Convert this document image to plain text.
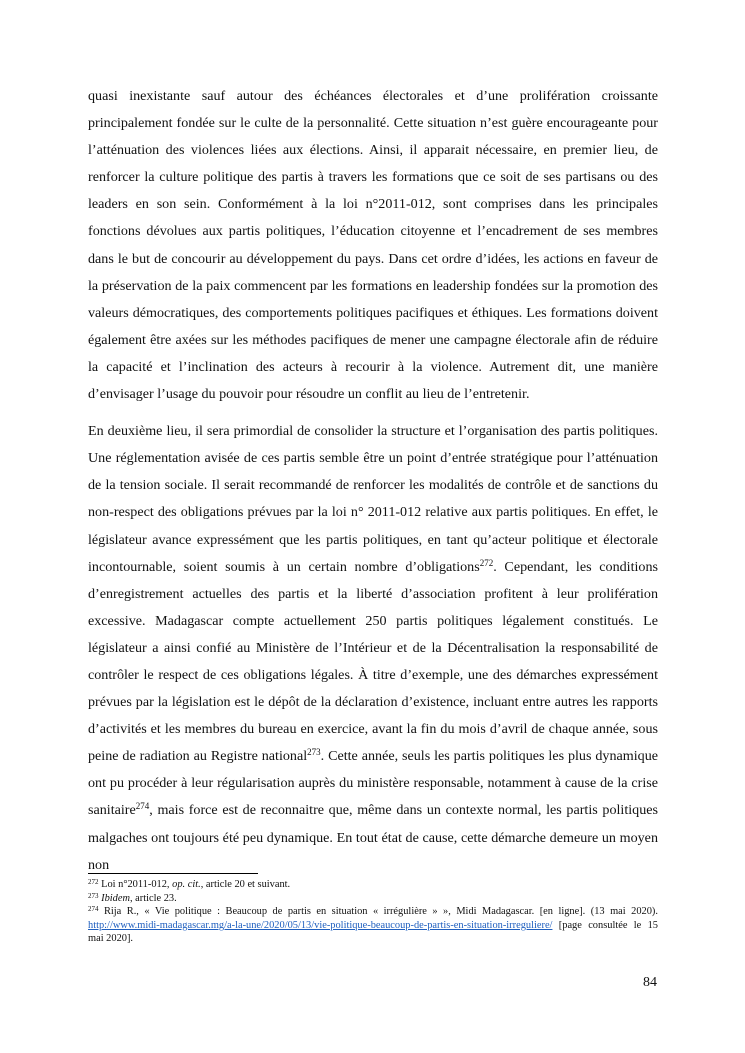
quasi inexistante sauf autour des échéances électorales et d’une prolifération croissante principalement fondée sur le culte de la personnalité. Cette situation n’est guère encourageante pour l’atténuation des violences liées aux élections. Ainsi, il apparait nécessaire, en premier lieu, de renforcer la culture politique des partis à travers les formations que ce soit de ses partisans ou des leaders en son sein. Conformément à la loi n°2011-012, sont comprises dans les principales fonctions dévolues aux partis politiques, l’éducation citoyenne et l’encadrement de ses membres dans le but de concourir au développement du pays. Dans cet ordre d’idées, les actions en faveur de la préservation de la paix commencent par les formations en leadership fondées sur la promotion des valeurs démocratiques, des comportements politiques pacifiques et éthiques. Les formations doivent également être axées sur les méthodes pacifiques de mener une campagne électorale afin de réduire la capacité et l’inclination des acteurs à recourir à la violence. Autrement dit, une manière d’envisager l’usage du pouvoir pour résoudre un conflit au lieu de l’entretenir.

En deuxième lieu, il sera primordial de consolider la structure et l’organisation des partis politiques. Une réglementation avisée de ces partis semble être un point d’entrée stratégique pour l’atténuation de la tension sociale. Il serait recommandé de renforcer les modalités de contrôle et de sanctions du non-respect des obligations prévues par la loi n° 2011-012 relative aux partis politiques. En effet, le législateur avance expressément que les partis politiques, en tant qu’acteur politique et électorale incontournable, soient soumis à un certain nombre d’obligations$^{272}$. Cependant, les conditions d’enregistrement actuelles des partis et la liberté d’association profitent à leur prolifération excessive. Madagascar compte actuellement 250 partis politiques légalement constitués. Le législateur a ainsi confié au Ministère de l’Intérieur et de la Décentralisation la responsabilité de contrôler le respect de ces obligations légales. À titre d’exemple, une des démarches expressément prévues par la législation est le dépôt de la déclaration d’existence, incluant entre autres les rapports d’activités et les membres du bureau en exercice, avant la fin du mois d’avril de chaque année, sous peine de radiation au Registre national$^{273}$. Cette année, seuls les partis politiques les plus dynamique ont pu procéder à leur régularisation auprès du ministère responsable, notamment à cause de la crise sanitaire$^{274}$, mais force est de reconnaitre que, même dans un contexte normal, les partis politiques malgaches ont toujours été peu dynamique. En tout état de cause, cette démarche demeure un moyen non

$^{272}$ Loi n°2011-012, op. cit., article 20 et suivant.
$^{273}$ Ibidem, article 23.
$^{274}$ Rija R., « Vie politique : Beaucoup de partis en situation « irrégulière » », Midi Madagascar. [en ligne]. (13 mai 2020). http://www.midi-madagascar.mg/a-la-une/2020/05/13/vie-politique-beaucoup-de-partis-en-situation-irreguliere/ [page consultée le 15 mai 2020].
84
